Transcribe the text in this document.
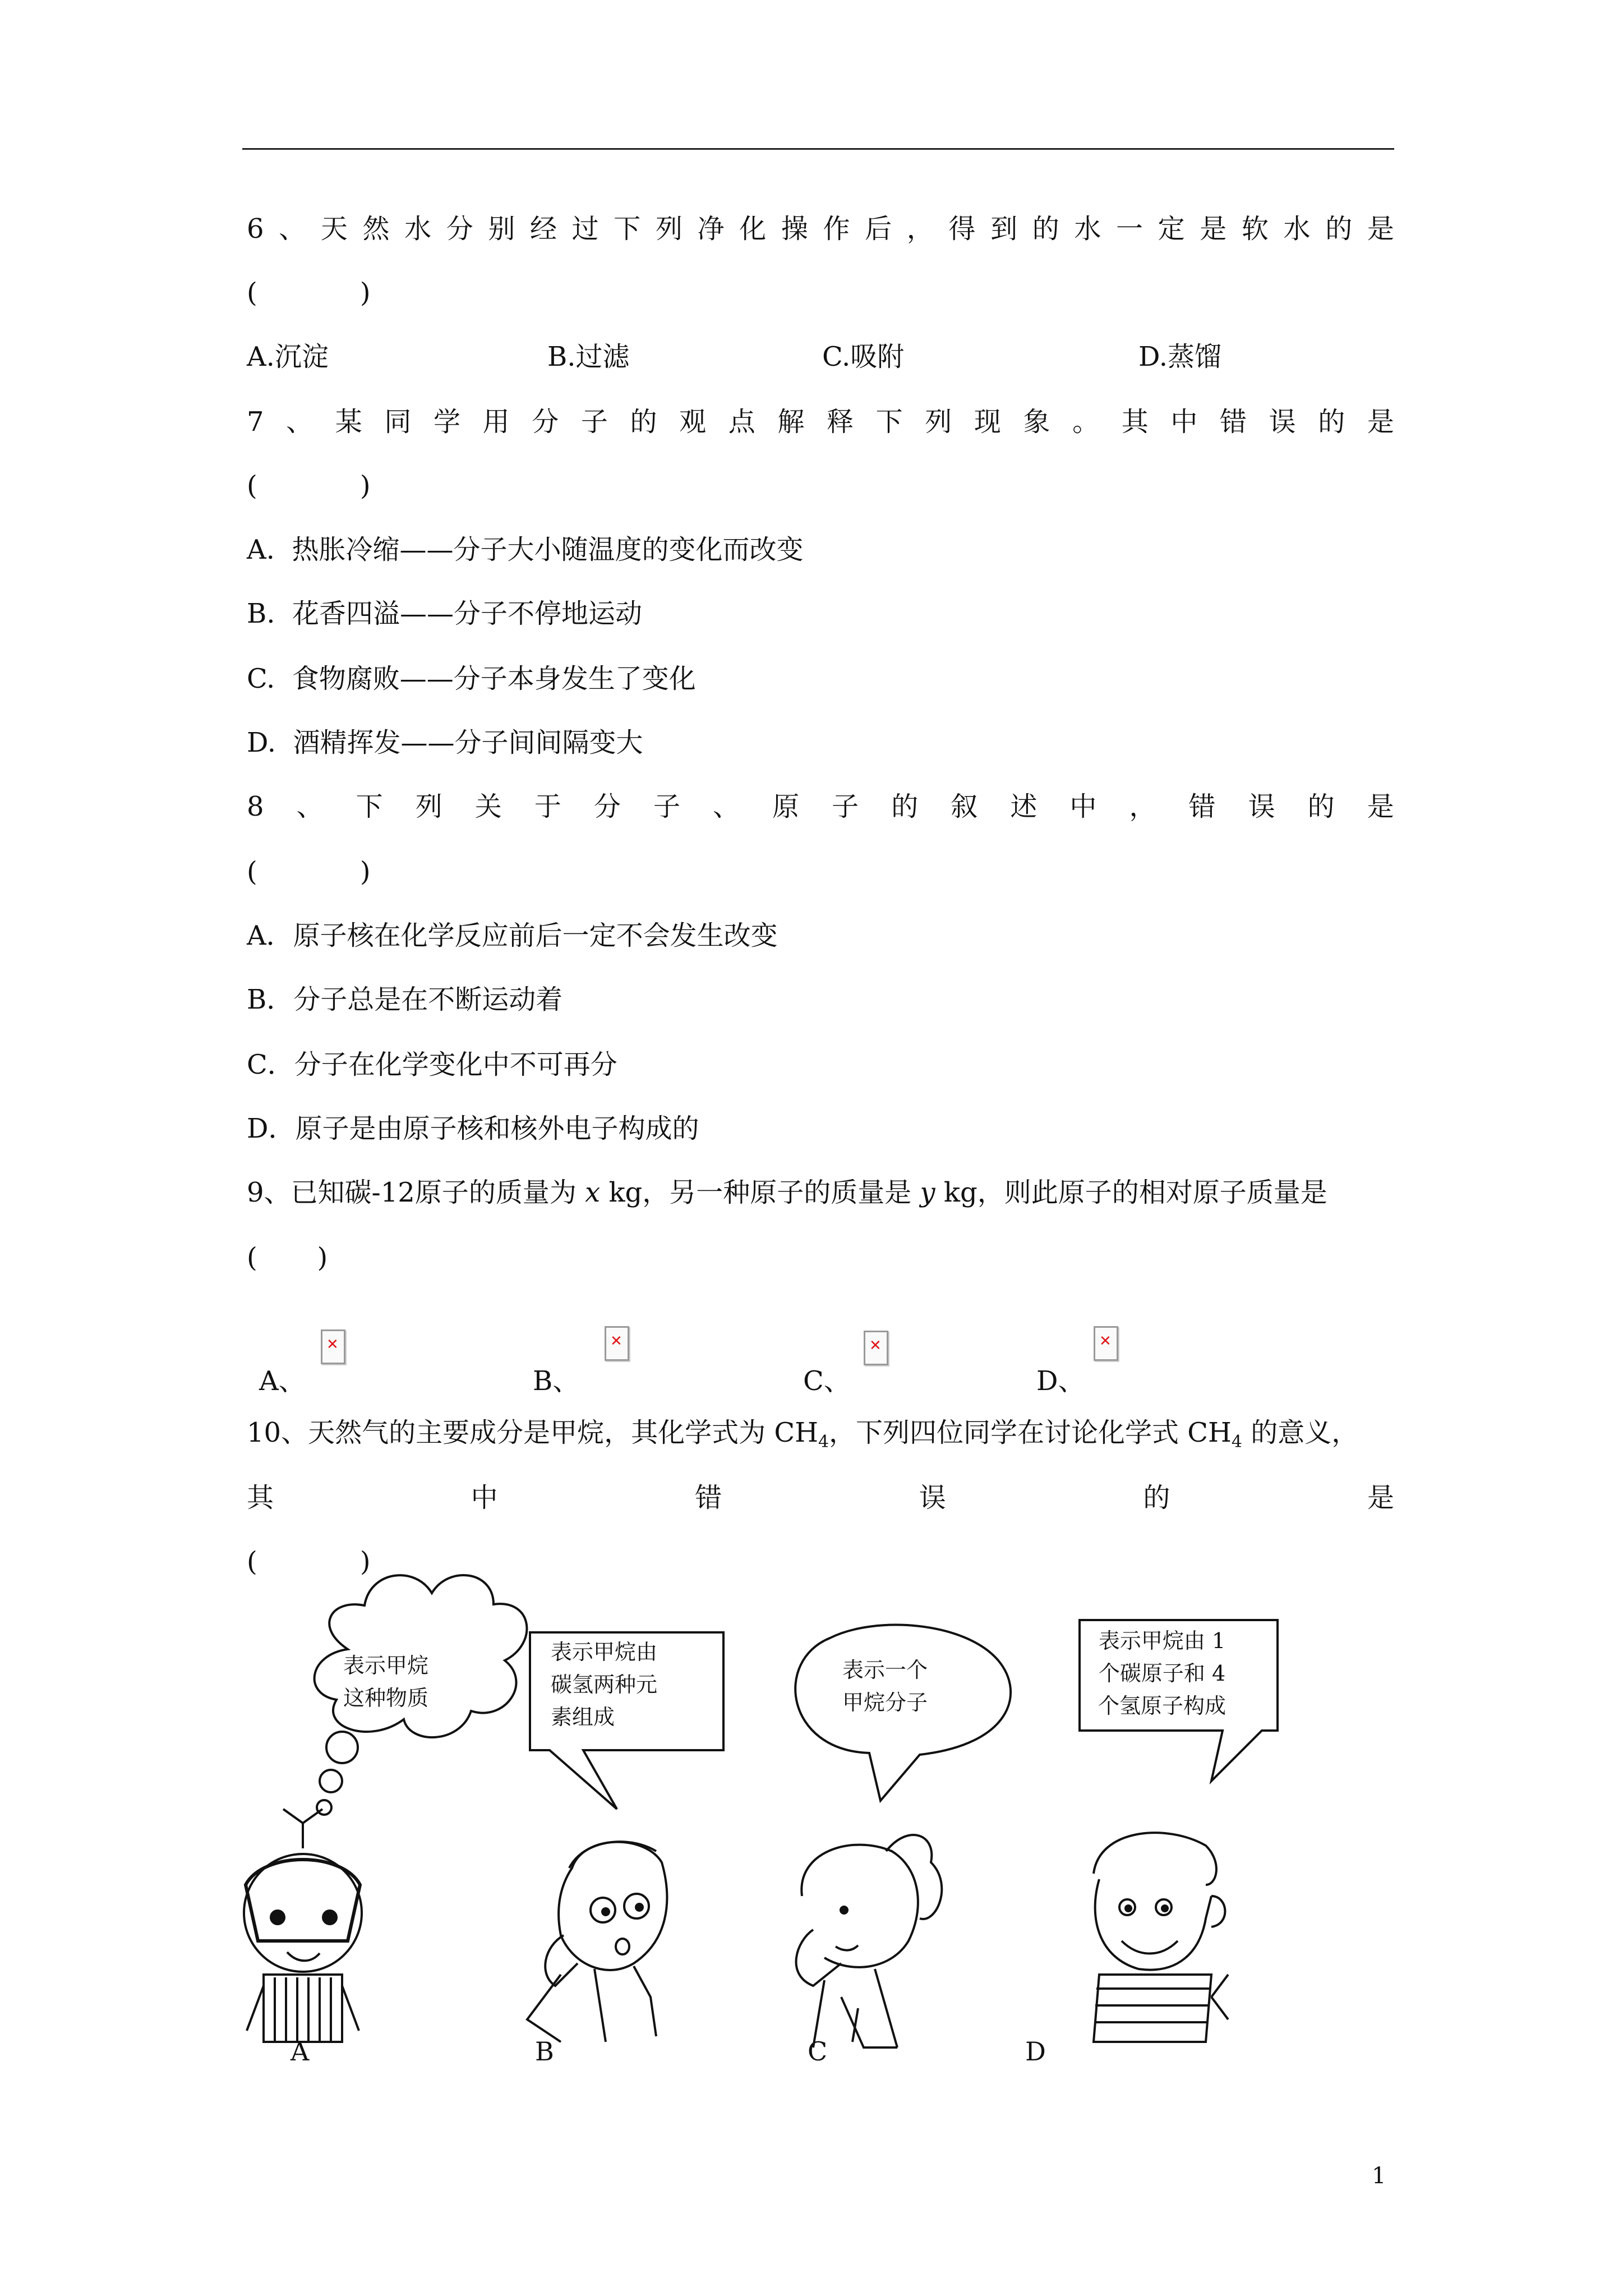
6 、 天 然 水 分 别 经 过 下 列 净 化 操 作 后 ， 得 到 的 水 一 定 是 软 水 的 是
(            )
A.沉淀	B.过滤	C.吸附	D.蒸馏
7 、 某 同 学 用 分 子 的 观 点 解 释 下 列 现 象 。 其 中 错 误 的 是
(            )
A.  热胀冷缩——分子大小随温度的变化而改变
B.  花香四溢——分子不停地运动
C.  食物腐败——分子本身发生了变化
D.  酒精挥发——分子间间隔变大
8 、 下 列 关 于 分 子 、 原 子 的 叙 述 中 ， 错 误 的 是
(            )
A．原子核在化学反应前后一定不会发生改变
B．分子总是在不断运动着
C．分子在化学变化中不可再分
D．原子是由原子核和核外电子构成的
9、已知碳-12原子的质量为 x kg，另一种原子的质量是 y kg，则此原子的相对原子质量是
(       )
A、
✕	B、
✕	C、
✕	D、
✕
10、天然气的主要成分是甲烷，其化学式为 $CH_4$，下列四位同学在讨论化学式 $CH_4$ 的意义，
其	中	错	误	的	是
(            )
表示甲烷
这种物质
表示甲烷由
碳氢两种元
素组成
表示一个
甲烷分子
表示甲烷由 1
个碳原子和 4
个氢原子构成
A	B	C	D
1
